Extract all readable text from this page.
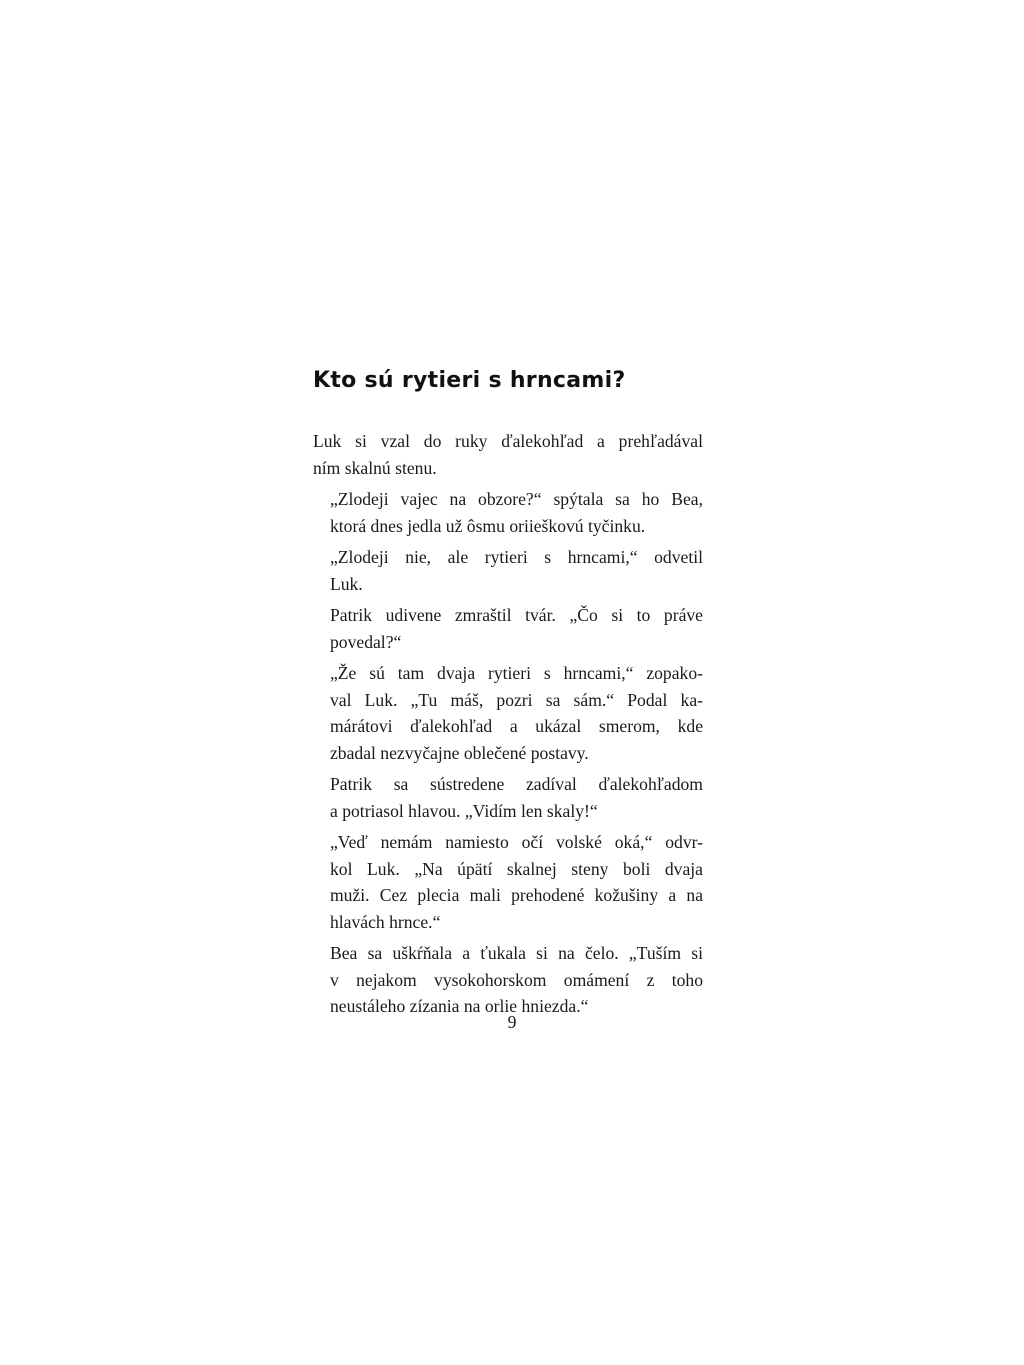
Kto sú rytieri s hrncami?

Luk si vzal do ruky ďalekohľad a prehľadával
ním skalnú stenu.

„Zlodeji vajec na obzore?“ spýtala sa ho Bea,
ktorá dnes jedla už ôsmu oriieškovú tyčinku.

„Zlodeji nie, ale rytieri s hrncami,“ odvetil
Luk.

Patrik udivene zmraštil tvár. „Čo si to práve
povedal?“

„Že sú tam dvaja rytieri s hrncami,“ zopako-
val Luk. „Tu máš, pozri sa sám.“ Podal ka-
márátovi ďalekohľad a ukázal smerom, kde
zbadal nezvyčajne oblečené postavy.

Patrik sa sústredene zadíval ďalekohľadom
a potriasol hlavou. „Vidím len skaly!“

„Veď nemám namiesto očí volské oká,“ odvr-
kol Luk. „Na úpätí skalnej steny boli dvaja
muži. Cez plecia mali prehodené kožušiny a na
hlavách hrnce.“

Bea sa uškŕňala a ťukala si na čelo. „Tuším si
v nejakom vysokohorskom omámení z toho
neustáleho zízania na orlie hniezda.“

9
